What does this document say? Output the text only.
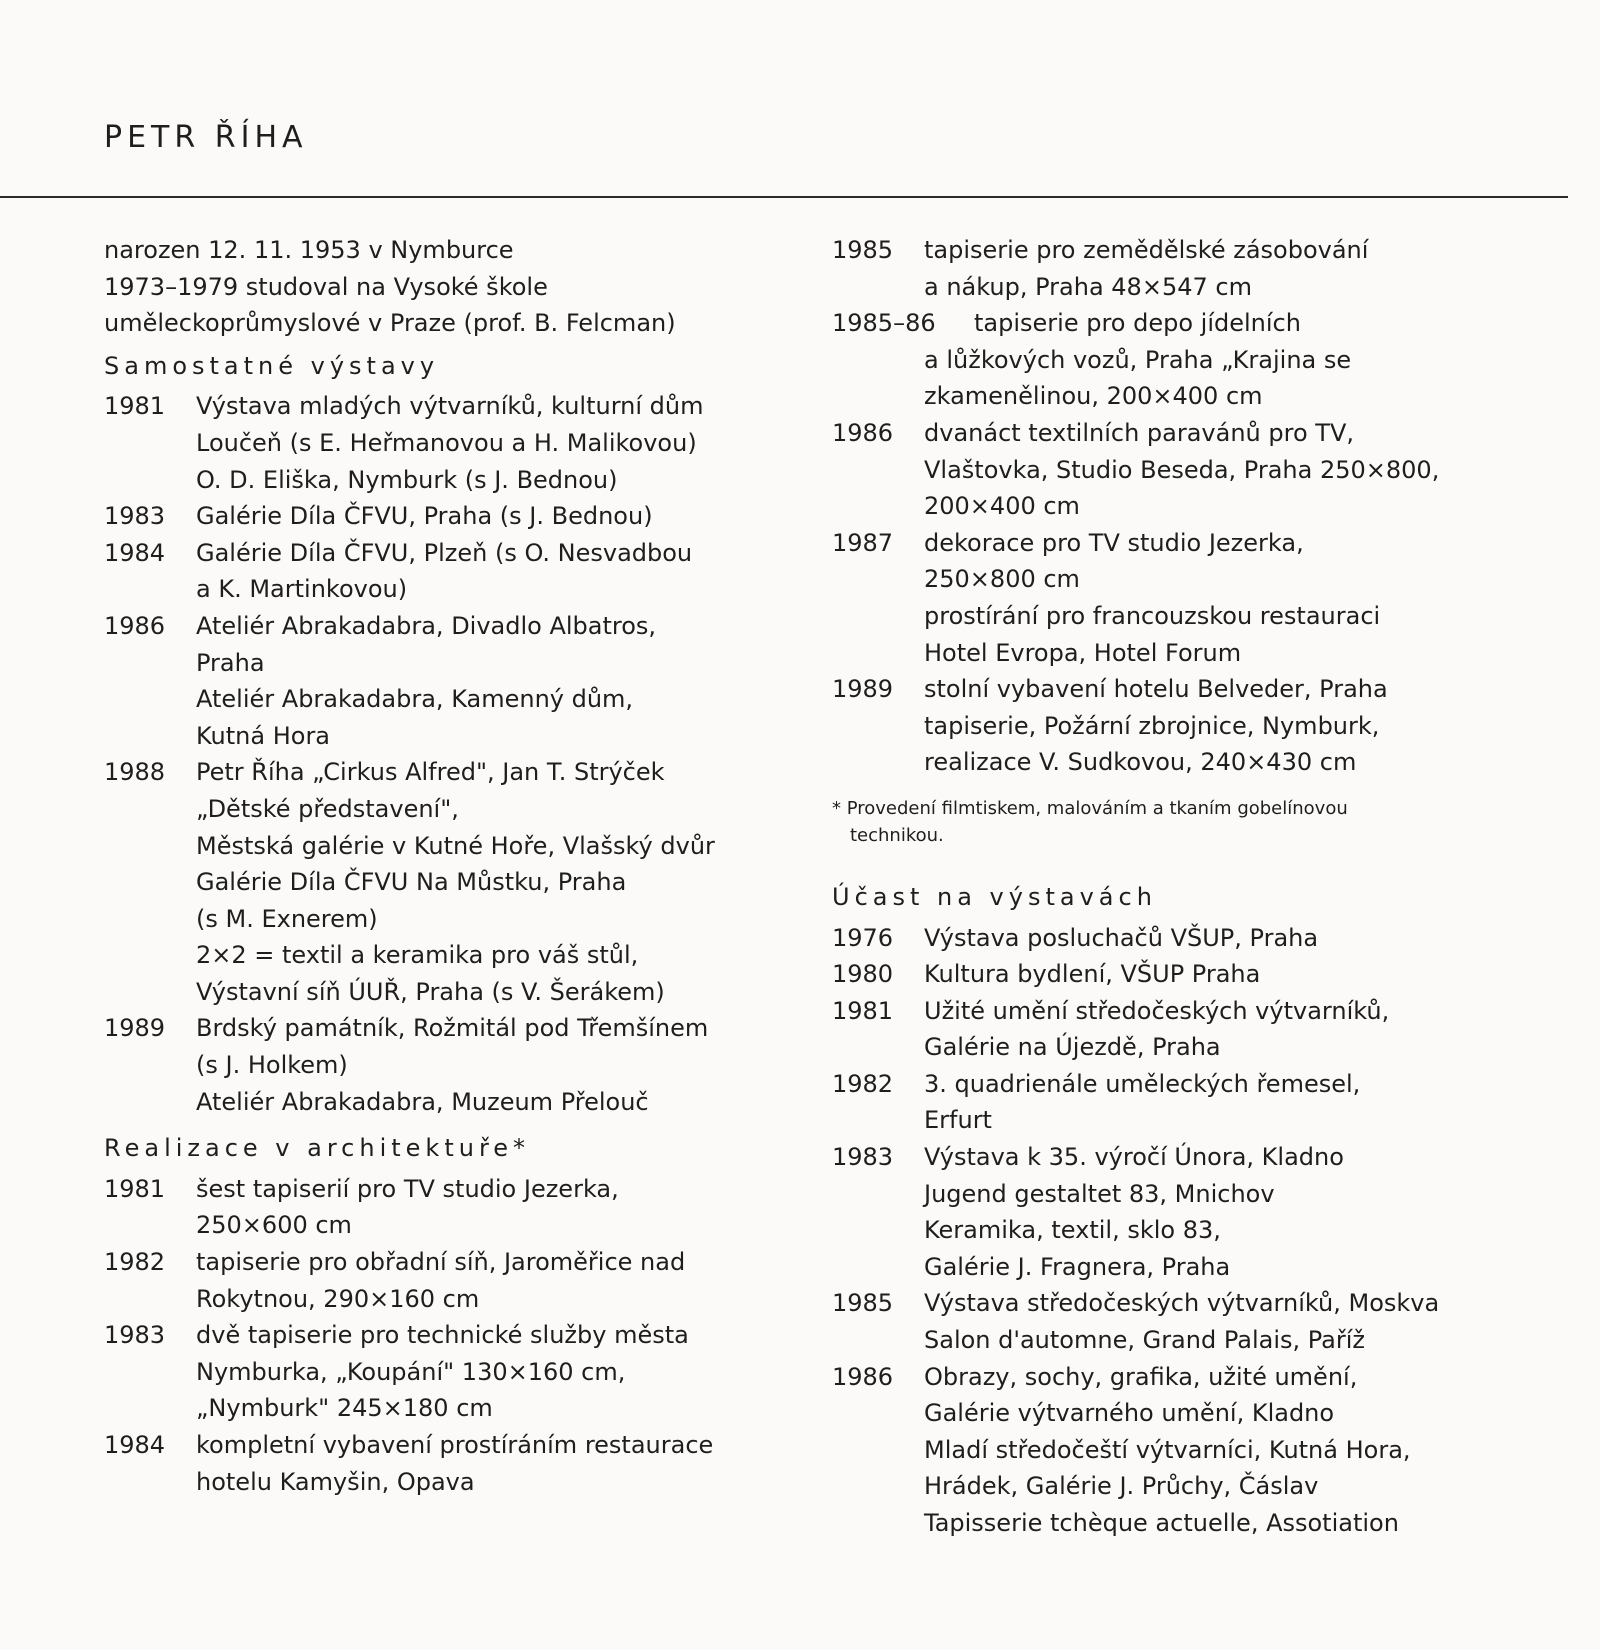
PETR ŘÍHA
narozen 12. 11. 1953 v Nymburce
1973–1979 studoval na Vysoké škole
uměleckoprůmyslové v Praze (prof. B. Felcman)
Samostatné výstavy
1981	Výstava mladých výtvarníků, kulturní dům
Loučeň (s E. Heřmanovou a H. Malikovou)
O. D. Eliška, Nymburk (s J. Bednou)
1983	Galérie Díla ČFVU, Praha (s J. Bednou)
1984	Galérie Díla ČFVU, Plzeň (s O. Nesvadbou
a K. Martinkovou)
1986	Ateliér Abrakadabra, Divadlo Albatros,
Praha
Ateliér Abrakadabra, Kamenný dům,
Kutná Hora
1988	Petr Říha „Cirkus Alfred", Jan T. Strýček
„Dětské představení",
Městská galérie v Kutné Hoře, Vlašský dvůr
Galérie Díla ČFVU Na Můstku, Praha
(s M. Exnerem)
2×2 = textil a keramika pro váš stůl,
Výstavní síň ÚUŘ, Praha (s V. Šerákem)
1989	Brdský památník, Rožmitál pod Třemšínem
(s J. Holkem)
Ateliér Abrakadabra, Muzeum Přelouč
Realizace v architektuře*
1981	šest tapiserií pro TV studio Jezerka,
250×600 cm
1982	tapiserie pro obřadní síň, Jaroměřice nad
Rokytnou, 290×160 cm
1983	dvě tapiserie pro technické služby města
Nymburka, „Koupání" 130×160 cm,
„Nymburk" 245×180 cm
1984	kompletní vybavení prostíráním restaurace
hotelu Kamyšin, Opava
1985	tapiserie pro zemědělské zásobování
a nákup, Praha 48×547 cm
1985–86	tapiserie pro depo jídelních
a lůžkových vozů, Praha „Krajina se
zkamenělinou, 200×400 cm
1986	dvanáct textilních paravánů pro TV,
Vlaštovka, Studio Beseda, Praha 250×800,
200×400 cm
1987	dekorace pro TV studio Jezerka,
250×800 cm
prostírání pro francouzskou restauraci
Hotel Evropa, Hotel Forum
1989	stolní vybavení hotelu Belveder, Praha
tapiserie, Požární zbrojnice, Nymburk,
realizace V. Sudkovou, 240×430 cm
* Provedení filmtiskem, malováním a tkaním gobelínovou
technikou.
Účast na výstavách
1976	Výstava posluchačů VŠUP, Praha
1980	Kultura bydlení, VŠUP Praha
1981	Užité umění středočeských výtvarníků,
Galérie na Újezdě, Praha
1982	3. quadrienále uměleckých řemesel,
Erfurt
1983	Výstava k 35. výročí Února, Kladno
Jugend gestaltet 83, Mnichov
Keramika, textil, sklo 83,
Galérie J. Fragnera, Praha
1985	Výstava středočeských výtvarníků, Moskva
Salon d'automne, Grand Palais, Paříž
1986	Obrazy, sochy, grafika, užité umění,
Galérie výtvarného umění, Kladno
Mladí středočeští výtvarníci, Kutná Hora,
Hrádek, Galérie J. Průchy, Čáslav
Tapisserie tchèque actuelle, Assotiation
